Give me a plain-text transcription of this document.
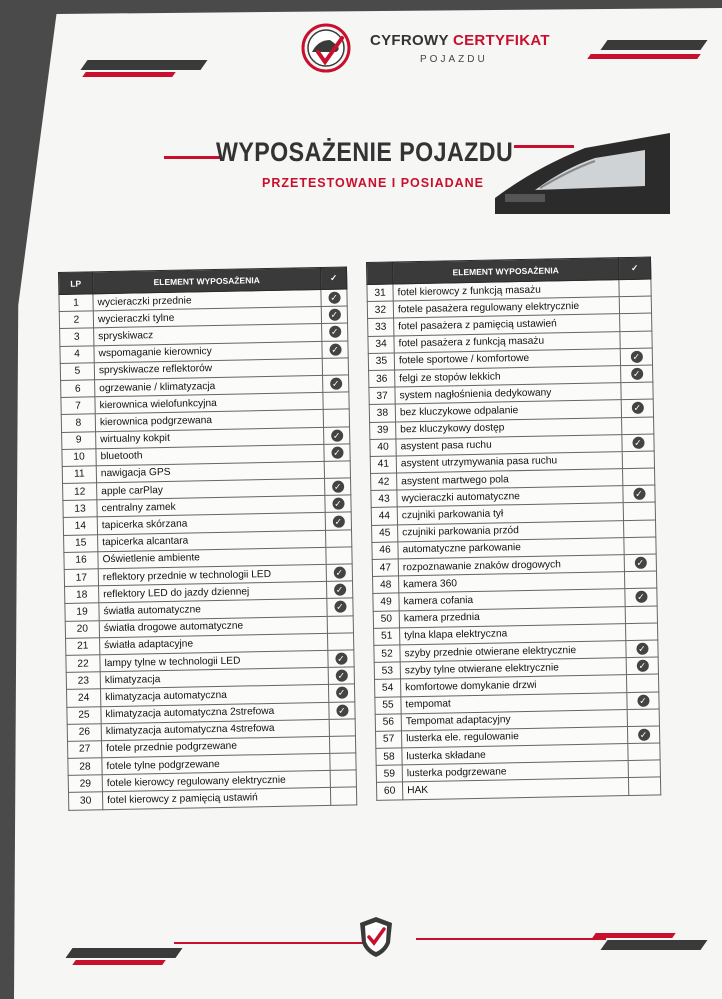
CYFROWY CERTYFIKAT
POJAZDU
WYPOSAŻENIE POJAZDU
PRZETESTOWANE I POSIADANE
LP	ELEMENT WYPOSAŻENIA	✓
1	wycieraczki przednie	✓
2	wycieraczki tylne	✓
3	spryskiwacz	✓
4	wspomaganie kierownicy	✓
5	spryskiwacze reflektorów	
6	ogrzewanie / klimatyzacja	✓
7	kierownica wielofunkcyjna	
8	kierownica podgrzewana	
9	wirtualny kokpit	✓
10	bluetooth	✓
11	nawigacja GPS	
12	apple carPlay	✓
13	centralny zamek	✓
14	tapicerka skórzana	✓
15	tapicerka alcantara	
16	Oświetlenie ambiente	
17	reflektory przednie w technologii LED	✓
18	reflektory LED do jazdy dziennej	✓
19	światła automatyczne	✓
20	światła drogowe automatyczne	
21	światła adaptacyjne	
22	lampy tylne w technologii LED	✓
23	klimatyzacja	✓
24	klimatyzacja automatyczna	✓
25	klimatyzacja automatyczna 2strefowa	✓
26	klimatyzacja automatyczna 4strefowa	
27	fotele przednie podgrzewane	
28	fotele tylne podgrzewane	
29	fotele kierowcy regulowany elektrycznie	
30	fotel kierowcy z pamięcią ustawiń	
LP	ELEMENT WYPOSAŻENIA	✓
31	fotel kierowcy z funkcją masażu	
32	fotele pasażera regulowany elektrycznie	
33	fotel pasażera z pamięcią ustawień	
34	fotel pasażera z funkcją masażu	
35	fotele sportowe / komfortowe	✓
36	felgi ze stopów lekkich	✓
37	system nagłośnienia dedykowany	
38	bez kluczykowe odpalanie	✓
39	bez kluczykowy dostęp	
40	asystent pasa ruchu	✓
41	asystent utrzymywania pasa ruchu	
42	asystent martwego pola	
43	wycieraczki automatyczne	✓
44	czujniki parkowania tył	
45	czujniki parkowania przód	
46	automatyczne parkowanie	
47	rozpoznawanie znaków drogowych	✓
48	kamera 360	
49	kamera cofania	✓
50	kamera przednia	
51	tylna klapa elektryczna	
52	szyby przednie otwierane elektrycznie	✓
53	szyby tylne otwierane elektrycznie	✓
54	komfortowe domykanie drzwi	
55	tempomat	✓
56	Tempomat adaptacyjny	
57	lusterka ele. regulowanie	✓
58	lusterka składane	
59	lusterka podgrzewane	
60	HAK	
